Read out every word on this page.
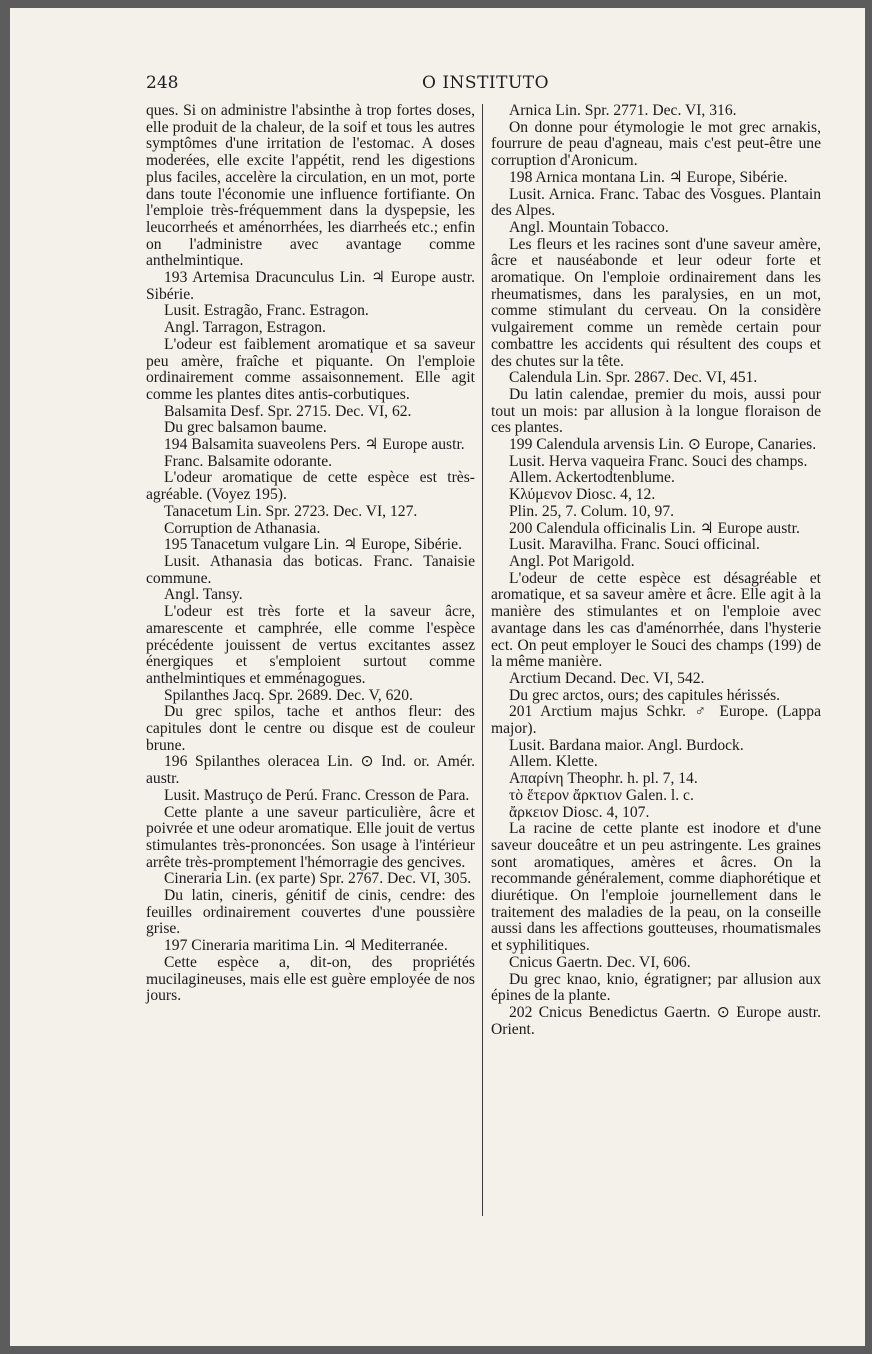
248	O INSTITUTO

ques. Si on administre l'absinthe à trop fortes doses, elle produit de la chaleur, de la soif et tous les autres symptômes d'une irritation de l'estomac. A doses moderées, elle excite l'appétit, rend les digestions plus faciles, accelère la circulation, en un mot, porte dans toute l'économie une influence fortifiante. On l'emploie très-fréquemment dans la dyspepsie, les leucorrheés et aménorrhées, les diarrheés etc.; enfin on l'administre avec avantage comme anthelmintique.

193 Artemisa Dracunculus Lin. ♃ Europe austr. Sibérie.

Lusit. Estragão, Franc. Estragon.

Angl. Tarragon, Estragon.

L'odeur est faiblement aromatique et sa saveur peu amère, fraîche et piquante. On l'emploie ordinairement comme assaisonnement. Elle agit comme les plantes dites antis-corbutiques.

Balsamita Desf. Spr. 2715. Dec. VI, 62.

Du grec balsamon baume.

194 Balsamita suaveolens Pers. ♃ Europe austr.

Franc. Balsamite odorante.

L'odeur aromatique de cette espèce est très-agréable. (Voyez 195).

Tanacetum Lin. Spr. 2723. Dec. VI, 127.

Corruption de Athanasia.

195 Tanacetum vulgare Lin. ♃ Europe, Sibérie.

Lusit. Athanasia das boticas. Franc. Tanaisie commune.

Angl. Tansy.

L'odeur est très forte et la saveur âcre, amarescente et camphrée, elle comme l'espèce précédente jouissent de vertus excitantes assez énergiques et s'emploient surtout comme anthelmintiques et emménagogues.

Spilanthes Jacq. Spr. 2689. Dec. V, 620.

Du grec spilos, tache et anthos fleur: des capitules dont le centre ou disque est de couleur brune.

196 Spilanthes oleracea Lin. ⊙ Ind. or. Amér. austr.

Lusit. Mastruço de Perú. Franc. Cresson de Para.

Cette plante a une saveur particulière, âcre et poivrée et une odeur aromatique. Elle jouit de vertus stimulantes très-prononcées. Son usage à l'intérieur arrête très-promptement l'hémorragie des gencives.

Cineraria Lin. (ex parte) Spr. 2767. Dec. VI, 305.

Du latin, cineris, génitif de cinis, cendre: des feuilles ordinairement couvertes d'une poussière grise.

197 Cineraria maritima Lin. ♃ Mediterranée.

Cette espèce a, dit-on, des propriétés mucilagineuses, mais elle est guère employée de nos jours.

Arnica Lin. Spr. 2771. Dec. VI, 316.

On donne pour étymologie le mot grec arnakis, fourrure de peau d'agneau, mais c'est peut-être une corruption d'Aronicum.

198 Arnica montana Lin. ♃ Europe, Sibérie.

Lusit. Arnica. Franc. Tabac des Vosgues. Plantain des Alpes.

Angl. Mountain Tobacco.

Les fleurs et les racines sont d'une saveur amère, âcre et nauséabonde et leur odeur forte et aromatique. On l'emploie ordinairement dans les rheumatismes, dans les paralysies, en un mot, comme stimulant du cerveau. On la considère vulgairement comme un remède certain pour combattre les accidents qui résultent des coups et des chutes sur la tête.

Calendula Lin. Spr. 2867. Dec. VI, 451.

Du latin calendae, premier du mois, aussi pour tout un mois: par allusion à la longue floraison de ces plantes.

199 Calendula arvensis Lin. ⊙ Europe, Canaries.

Lusit. Herva vaqueira Franc. Souci des champs.

Allem. Ackertodtenblume.

Κλύμενον Diosc. 4, 12.

Plin. 25, 7. Colum. 10, 97.

200 Calendula officinalis Lin. ♃ Europe austr.

Lusit. Maravilha. Franc. Souci officinal.

Angl. Pot Marigold.

L'odeur de cette espèce est désagréable et aromatique, et sa saveur amère et âcre. Elle agit à la manière des stimulantes et on l'emploie avec avantage dans les cas d'aménorrhée, dans l'hysterie ect. On peut employer le Souci des champs (199) de la même manière.

Arctium Decand. Dec. VI, 542.

Du grec arctos, ours; des capitules hérissés.

201 Arctium majus Schkr. ♂ Europe. (Lappa major).

Lusit. Bardana maior. Angl. Burdock.

Allem. Klette.

Απαρίνη Theophr. h. pl. 7, 14.

τὸ ἕτερον ἄρκτιον Galen. l. c.

ἄρκειον Diosc. 4, 107.

La racine de cette plante est inodore et d'une saveur douceâtre et un peu astringente. Les graines sont aromatiques, amères et âcres. On la recommande généralement, comme diaphorétique et diurétique. On l'emploie journellement dans le traitement des maladies de la peau, on la conseille aussi dans les affections goutteuses, rhoumatismales et syphilitiques.

Cnicus Gaertn. Dec. VI, 606.

Du grec knao, knio, égratigner; par allusion aux épines de la plante.

202 Cnicus Benedictus Gaertn. ⊙ Europe austr. Orient.
